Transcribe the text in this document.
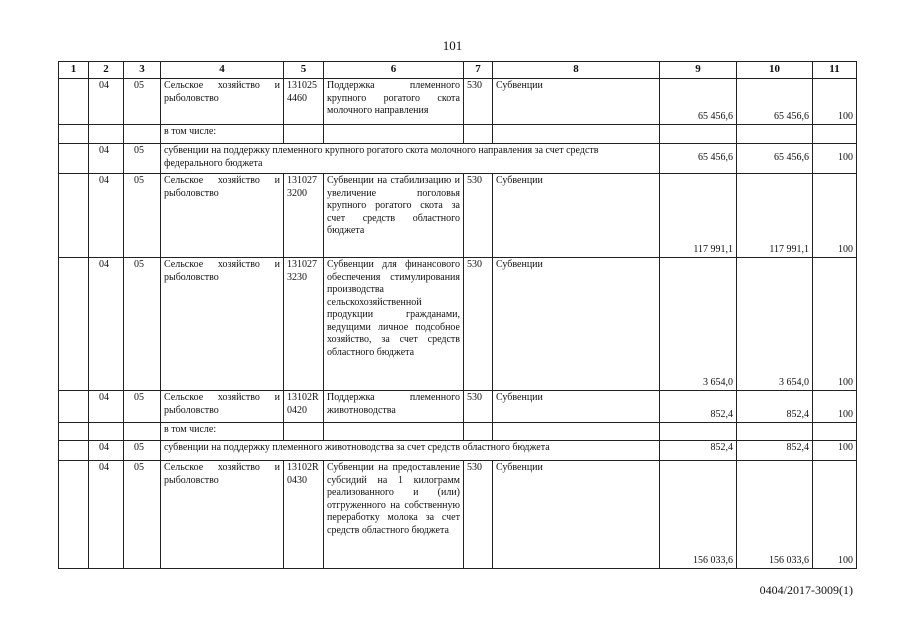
101
1	2	3	4	5	6	7	8	9	10	11
	04	05	Сельское хозяйство и рыболовство	131025 4460	Поддержка племенного крупного рогатого скота молочного направления	530	Субвенции	65 456,6	65 456,6	100
			в том числе:							
	04	05	субвенции на поддержку племенного крупного рогатого скота молочного направления за счет средств федерального бюджета					65 456,6	65 456,6	100
	04	05	Сельское хозяйство и рыболовство	131027 3200	Субвенции на стабилизацию и увеличение поголовья крупного рогатого скота за счет средств областного бюджета	530	Субвенции	117 991,1	117 991,1	100
	04	05	Сельское хозяйство и рыболовство	131027 3230	Субвенции для финансового обеспечения стимулирования производства сельскохозяйственной продукции гражданами, ведущими личное подсобное хозяйство, за счет средств областного бюджета	530	Субвенции	3 654,0	3 654,0	100
	04	05	Сельское хозяйство и рыболовство	13102R 0420	Поддержка племенного животноводства	530	Субвенции	852,4	852,4	100
			в том числе:							
	04	05	субвенции на поддержку племенного животноводства за счет средств областного бюджета					852,4	852,4	100
	04	05	Сельское хозяйство и рыболовство	13102R 0430	Субвенции на предоставление субсидий на 1 килограмм реализованного и (или) отгруженного на собственную переработку молока за счет средств областного бюджета	530	Субвенции	156 033,6	156 033,6	100
0404/2017-3009(1)
